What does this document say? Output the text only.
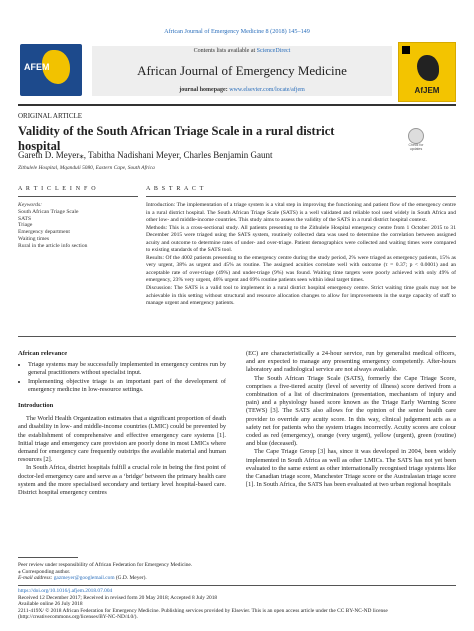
African Journal of Emergency Medicine 8 (2018) 145–149
AFEM
Contents lists available at ScienceDirect
African Journal of Emergency Medicine
journal homepage: www.elsevier.com/locate/afjem	AfJEM
ORIGINAL ARTICLE
Validity of the South African Triage Scale in a rural district hospital	Check for updates
Gareth D. Meyer⁎, Tabitha Nadishani Meyer, Charles Benjamin Gaunt
Zithulele Hospital, Mqanduli 5080, Eastern Cape, South Africa
A R T I C L E I N F O
Keywords:
South African Triage Scale
SATS
Triage
Emergency department
Waiting times
Rural in the article info section
A B S T R A C T

Introduction: The implementation of a triage system is a vital step in improving the functioning and patient flow of the emergency centre in a rural district hospital. The South African Triage Scale (SATS) is a well validated and reliable tool used widely in South Africa and other low- and middle-income countries. This study aims to assess the validity of the SATS in a rural district hospital context.

Methods: This is a cross-sectional study. All patients presenting to the Zithulele Hospital emergency centre from 1 October 2015 to 31 December 2015 were triaged using the SATS system, routinely collected data was used to determine the correlation between assigned acuity and outcome to determine rates of under- and over-triage. Patient demographics were collected and waiting times were compared to existing standards of the SATS tool.

Results: Of the 4002 patients presenting to the emergency centre during the study period, 2% were triaged as emergency patients, 15% as very urgent, 38% as urgent and 45% as routine. The assigned acuities correlate well with outcome (τ = 0.37; p < 0.0001) and an acceptable rate of over-triage (49%) and under-triage (9%) was found. Waiting time targets were poorly achieved with only 49% of emergency, 23% very urgent, 46% urgent and 69% routine patients seen within ideal target times.

Discussion: The SATS is a valid tool to implement in a rural district hospital emergency centre. Strict waiting time goals may not be achievable in this setting without structural and resource allocation changes to allow for improvements in the surge capacity of staff to manage urgent and emergency patients.

African relevance
• Triage systems may be successfully implemented in emergency centres run by general practitioners without specialist input.
• Implementing objective triage is an important part of the development of emergency medicine in low-resource settings.
Introduction

The World Health Organization estimates that a significant proportion of death and disability in low- and middle-income countries (LMIC) could be prevented by the establishment of comprehensive and effective emergency care systems [1]. Initial triage and emergency care provision are poorly done in most LMICs where demand for emergency care frequently outstrips the available material and human resources [2].

In South Africa, district hospitals fulfill a crucial role in being the first point of doctor-led emergency care and serve as a ‘bridge’ between the primary health care system and the more specialised secondary and tertiary level hospital-based care. District hospital emergency centres

(EC) are characteristically a 24-hour service, run by generalist medical officers, and are expected to manage any presenting emergency competently. After-hours laboratory and radiological service are not always available.

The South African Triage Scale (SATS), formerly the Cape Triage Score, comprises a five-tiered acuity (level of severity of illness) score derived from a combination of a list of discriminators (presentation, mechanism of injury and pain) and a physiology based score known as the Triage Early Warning Score (TEWS) [3]. The SATS also allows for the opinion of the senior health care provider to override any acuity score. In this way, clinical judgement acts as a safety net for patients who the system triages incorrectly. Acuity scores are colour coded as red (emergency), orange (very urgent), yellow (urgent), green (routine) and blue (deceased).

The Cape Triage Group [3] has, since it was developed in 2004, been widely implemented in South Africa as well as other LMICs. The SATS has not yet been evaluated to the same extent as other internationally recognised triage systems like the Canadian triage score, Manchester Triage score or the Australasian triage score [1]. In South Africa, the SATS has been evaluated at two urban regional hospitals

Peer review under responsibility of African Federation for Emergency Medicine.
⁎ Corresponding author.
E-mail address: gazmeyer@googlemail.com (G.D. Meyer).
https://doi.org/10.1016/j.afjem.2018.07.004
Received 12 December 2017; Received in revised form 20 May 2018; Accepted 8 July 2018
Available online 26 July 2018
2211-419X/ © 2018 African Federation for Emergency Medicine. Publishing services provided by Elsevier. This is an open access article under the CC BY-NC-ND license (http://creativecommons.org/licenses/BY-NC-ND/4.0/).
